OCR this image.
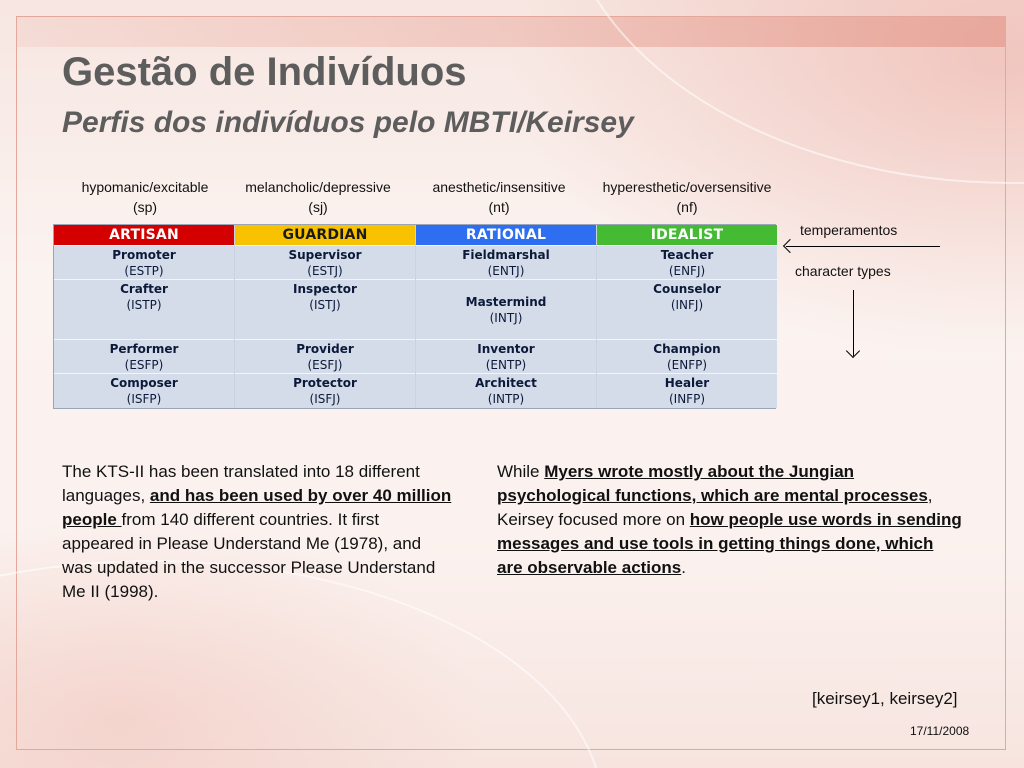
Gestão de Indivíduos
Perfis dos indivíduos pelo MBTI/Keirsey
hypomanic/excitable
(sp)
melancholic/depressive
(sj)
anesthetic/insensitive
(nt)
hyperesthetic/oversensitive
(nf)
ARTISAN
Promoter
(ESTP)
Crafter
(ISTP)
Performer
(ESFP)
Composer
(ISFP)
GUARDIAN
Supervisor
(ESTJ)
Inspector
(ISTJ)
Provider
(ESFJ)
Protector
(ISFJ)
RATIONAL
Fieldmarshal
(ENTJ)
Mastermind
(INTJ)
Inventor
(ENTP)
Architect
(INTP)
IDEALIST
Teacher
(ENFJ)
Counselor
(INFJ)
Champion
(ENFP)
Healer
(INFP)
temperamentos
character types
The KTS-II has been translated into 18 different languages, and has been used by over 40 million people from 140 different countries. It first appeared in Please Understand Me (1978), and was updated in the successor Please Understand Me II (1998).
While Myers wrote mostly about the Jungian psychological functions, which are mental processes, Keirsey focused more on how people use words in sending messages and use tools in getting things done, which are observable actions.
[keirsey1, keirsey2]
17/11/2008
